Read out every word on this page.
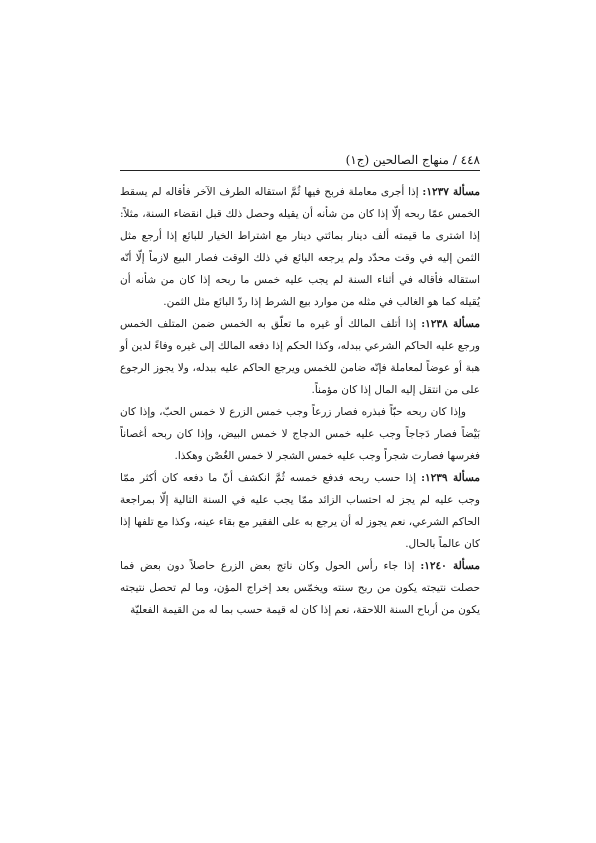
٤٤٨ / منهاج الصالحين (ج١)

مسألة ١٢٣٧: إذا أجرى معاملة فربح فيها ثُمَّ استقاله الطرف الآخر فأقاله لم يسقط الخمس عمّا ربحه إلّا إذا كان من شأنه أن يقيله وحصل ذلك قبل انقضاء السنة، مثلاً: إذا اشترى ما قيمته ألف دينار بمائتي دينار مع اشتراط الخيار للبائع إذا أرجع مثل الثمن إليه في وقت محدّد ولم يرجعه البائع في ذلك الوقت فصار البيع لازماً إلّا أنّه استقاله فأقاله في أثناء السنة لم يجب عليه خمس ما ربحه إذا كان من شأنه أن يُقيله كما هو الغالب في مثله من موارد بيع الشرط إذا ردّ البائع مثل الثمن.

مسألة ١٢٣٨: إذا أتلف المالك أو غيره ما تعلّق به الخمس ضمن المتلف الخمس ورجع عليه الحاكم الشرعي ببدله، وكذا الحكم إذا دفعه المالك إلى غيره وفاءً لدين أو هبة أو عوضاً لمعاملة فإنّه ضامن للخمس ويرجع الحاكم عليه ببدله، ولا يجوز الرجوع على من انتقل إليه المال إذا كان مؤمناً.

وإذا كان ربحه حبّاً فبذره فصار زرعاً وجب خمس الزرع لا خمس الحبّ، وإذا كان بَيْضاً فصار دَجاجاً وجب عليه خمس الدجاج لا خمس البيض، وإذا كان ربحه أغصاناً فغرسها فصارت شجراً وجب عليه خمس الشجر لا خمس الغُصْن وهكذا.

مسألة ١٢٣٩: إذا حسب ربحه فدفع خمسه ثُمَّ انكشف أنّ ما دفعه كان أكثر ممّا وجب عليه لم يجز له احتساب الزائد ممّا يجب عليه في السنة التالية إلّا بمراجعة الحاكم الشرعي، نعم يجوز له أن يرجع به على الفقير مع بقاء عينه، وكذا مع تلفها إذا كان عالماً بالحال.

مسألة ١٢٤٠: إذا جاء رأس الحول وكان ناتج بعض الزرع حاصلاً دون بعض فما حصلت نتيجته يكون من ربح سنته ويخمّس بعد إخراج المؤن، وما لم تحصل نتيجته يكون من أرباح السنة اللاحقة، نعم إذا كان له قيمة حسب بما له من القيمة الفعليّة
